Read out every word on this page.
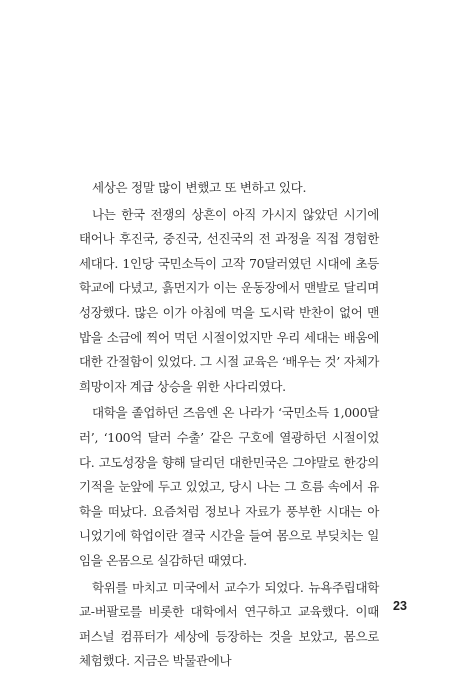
세상은 정말 많이 변했고 또 변하고 있다.

나는 한국 전쟁의 상흔이 아직 가시지 않았던 시기에 태어나 후진국, 중진국, 선진국의 전 과정을 직접 경험한 세대다. 1인당 국민소득이 고작 70달러였던 시대에 초등학교에 다녔고, 흙먼지가 이는 운동장에서 맨발로 달리며 성장했다. 많은 이가 아침에 먹을 도시락 반찬이 없어 맨밥을 소금에 찍어 먹던 시절이었지만 우리 세대는 배움에 대한 간절함이 있었다. 그 시절 교육은 ‘배우는 것’ 자체가 희망이자 계급 상승을 위한 사다리였다.

대학을 졸업하던 즈음엔 온 나라가 ‘국민소득 1,000달러’, ‘100억 달러 수출’ 같은 구호에 열광하던 시절이었다. 고도성장을 향해 달리던 대한민국은 그야말로 한강의 기적을 눈앞에 두고 있었고, 당시 나는 그 흐름 속에서 유학을 떠났다. 요즘처럼 정보나 자료가 풍부한 시대는 아니었기에 학업이란 결국 시간을 들여 몸으로 부딪치는 일임을 온몸으로 실감하던 때였다.

학위를 마치고 미국에서 교수가 되었다. 뉴욕주립대학교-버팔로를 비롯한 대학에서 연구하고 교육했다. 이때 퍼스널 컴퓨터가 세상에 등장하는 것을 보았고, 몸으로 체험했다. 지금은 박물관에나

23
